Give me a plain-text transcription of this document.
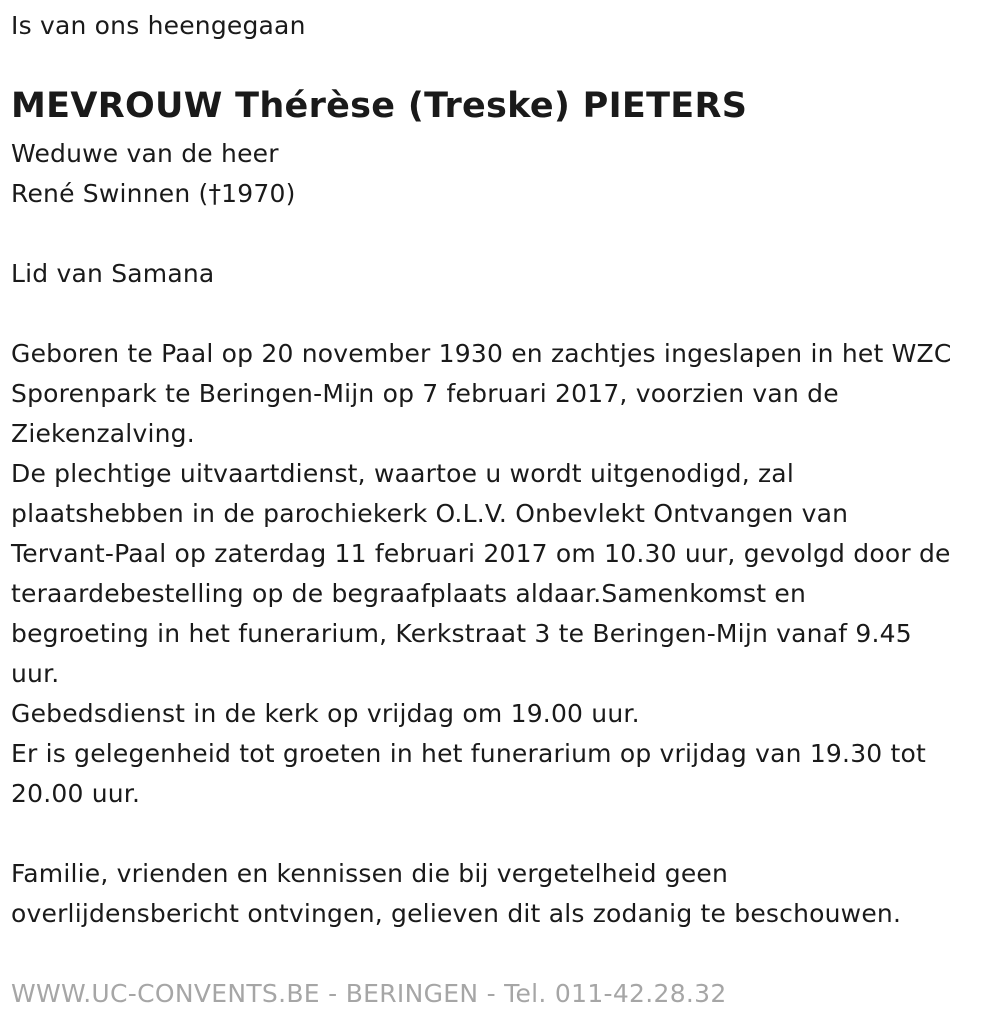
Is van ons heengegaan
MEVROUW Thérèse (Treske) PIETERS
Weduwe van de heer
René Swinnen (†1970)
Lid van Samana
Geboren te Paal op 20 november 1930 en zachtjes ingeslapen in het WZC
Sporenpark te Beringen-Mijn op 7 februari 2017, voorzien van de
Ziekenzalving.
De plechtige uitvaartdienst, waartoe u wordt uitgenodigd, zal
plaatshebben in de parochiekerk O.L.V. Onbevlekt Ontvangen van
Tervant-Paal op zaterdag 11 februari 2017 om 10.30 uur, gevolgd door de
teraardebestelling op de begraafplaats aldaar.Samenkomst en
begroeting in het funerarium, Kerkstraat 3 te Beringen-Mijn vanaf 9.45
uur.
Gebedsdienst in de kerk op vrijdag om 19.00 uur.
Er is gelegenheid tot groeten in het funerarium op vrijdag van 19.30 tot
20.00 uur.
Familie, vrienden en kennissen die bij vergetelheid geen
overlijdensbericht ontvingen, gelieven dit als zodanig te beschouwen.
WWW.UC-CONVENTS.BE - BERINGEN - Tel. 011-42.28.32
